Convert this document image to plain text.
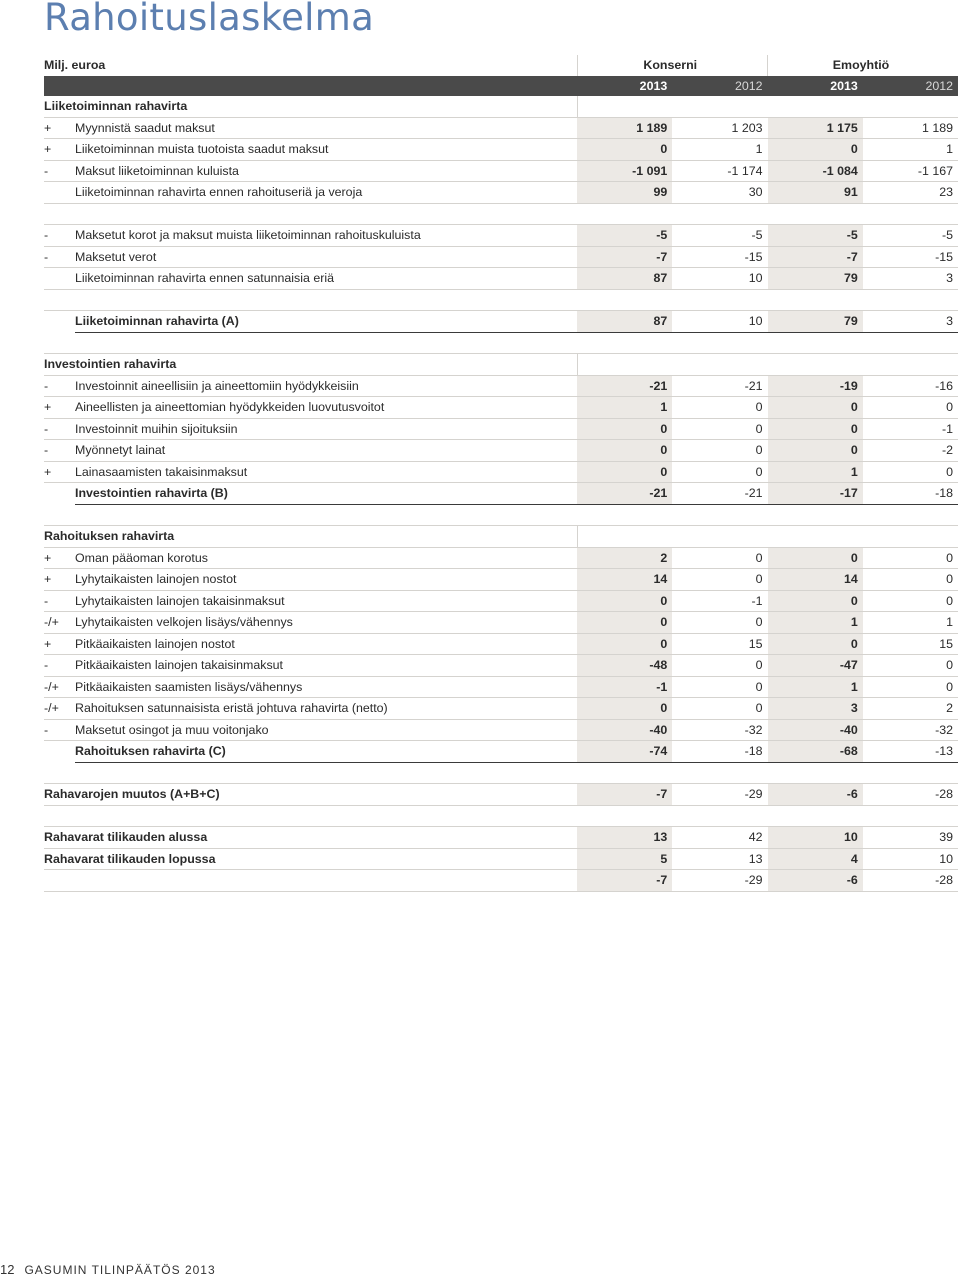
Rahoituslaskelma
Milj. euroa		Konserni		Emoyhtiö	
		2013	2012	2013	2012
Liiketoiminnan rahavirta					
+	Myynnistä saadut maksut	1 189	1 203	1 175	1 189
+	Liiketoiminnan muista tuotoista saadut maksut	0	1	0	1
-	Maksut liiketoiminnan kuluista	-1 091	-1 174	-1 084	-1 167
	Liiketoiminnan rahavirta ennen rahoituseriä ja veroja	99	30	91	23

-	Maksetut korot ja maksut muista liiketoiminnan rahoituskuluista	-5	-5	-5	-5
-	Maksetut verot	-7	-15	-7	-15
	Liiketoiminnan rahavirta ennen satunnaisia eriä	87	10	79	3

	Liiketoiminnan rahavirta (A)	87	10	79	3

Investointien rahavirta					
-	Investoinnit aineellisiin ja aineettomiin hyödykkeisiin	-21	-21	-19	-16
+	Aineellisten ja aineettomian hyödykkeiden luovutusvoitot	1	0	0	0
-	Investoinnit muihin sijoituksiin	0	0	0	-1
-	Myönnetyt lainat	0	0	0	-2
+	Lainasaamisten takaisinmaksut	0	0	1	0
	Investointien rahavirta (B)	-21	-21	-17	-18

Rahoituksen rahavirta					
+	Oman pääoman korotus	2	0	0	0
+	Lyhytaikaisten lainojen nostot	14	0	14	0
-	Lyhytaikaisten lainojen takaisinmaksut	0	-1	0	0
-/+	Lyhytaikaisten velkojen lisäys/vähennys	0	0	1	1
+	Pitkäaikaisten lainojen nostot	0	15	0	15
-	Pitkäaikaisten lainojen takaisinmaksut	-48	0	-47	0
-/+	Pitkäaikaisten saamisten lisäys/vähennys	-1	0	1	0
-/+	Rahoituksen satunnaisista eristä johtuva rahavirta (netto)	0	0	3	2
-	Maksetut osingot ja muu voitonjako	-40	-32	-40	-32
	Rahoituksen rahavirta (C)	-74	-18	-68	-13

Rahavarojen muutos (A+B+C)		-7	-29	-6	-28

Rahavarat tilikauden alussa		13	42	10	39
Rahavarat tilikauden lopussa		5	13	4	10
		-7	-29	-6	-28
12 GASUMIN TILINPÄÄTÖS 2013
